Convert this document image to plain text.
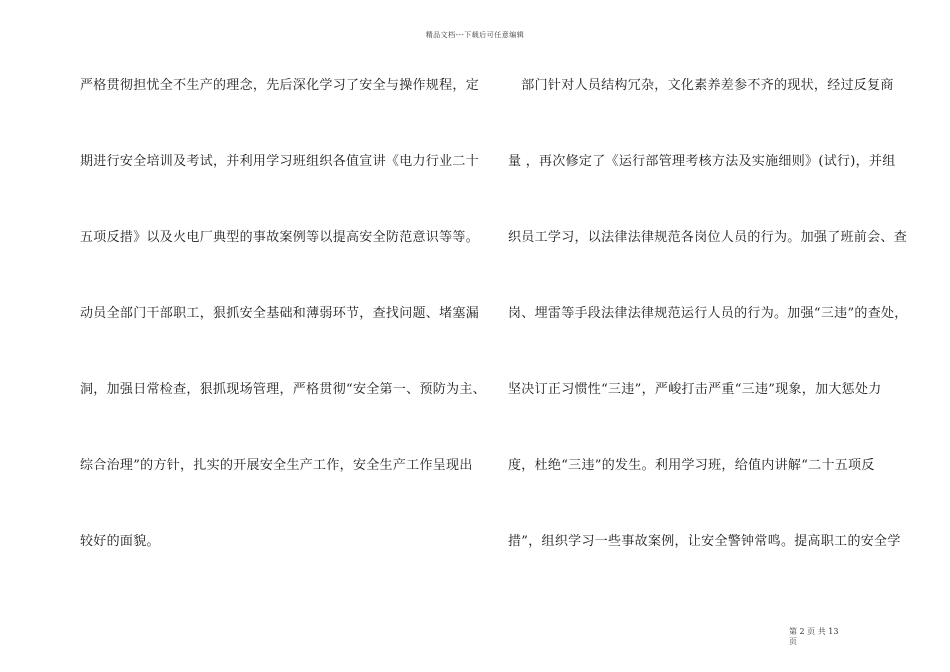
精品文档---下载后可任意编辑
严格贯彻担忧全不生产的理念，先后深化学习了安全与操作规程，定
期进行安全培训及考试，并利用学习班组织各值宣讲《电力行业二十
五项反措》以及火电厂典型的事故案例等以提高安全防范意识等等。
动员全部门干部职工，狠抓安全基础和薄弱环节，查找问题、堵塞漏
洞，加强日常检查，狠抓现场管理，严格贯彻“安全第一、预防为主、
综合治理”的方针，扎实的开展安全生产工作，安全生产工作呈现出
较好的面貌。
　部门针对人员结构冗杂，文化素养差参不齐的现状，经过反复商
量 ，再次修定了《运行部管理考核方法及实施细则》(试行)，并组
织员工学习，以法律法律规范各岗位人员的行为。加强了班前会、查
岗、埋雷等手段法律法律规范运行人员的行为。加强“三违”的查处，
坚决订正习惯性“三违”，严峻打击严重“三违”现象，加大惩处力
度，杜绝“三违”的发生。利用学习班，给值内讲解“二十五项反
措”，组织学习一些事故案例，让安全警钟常鸣。提高职工的安全学
第 2 页 共 13
页
